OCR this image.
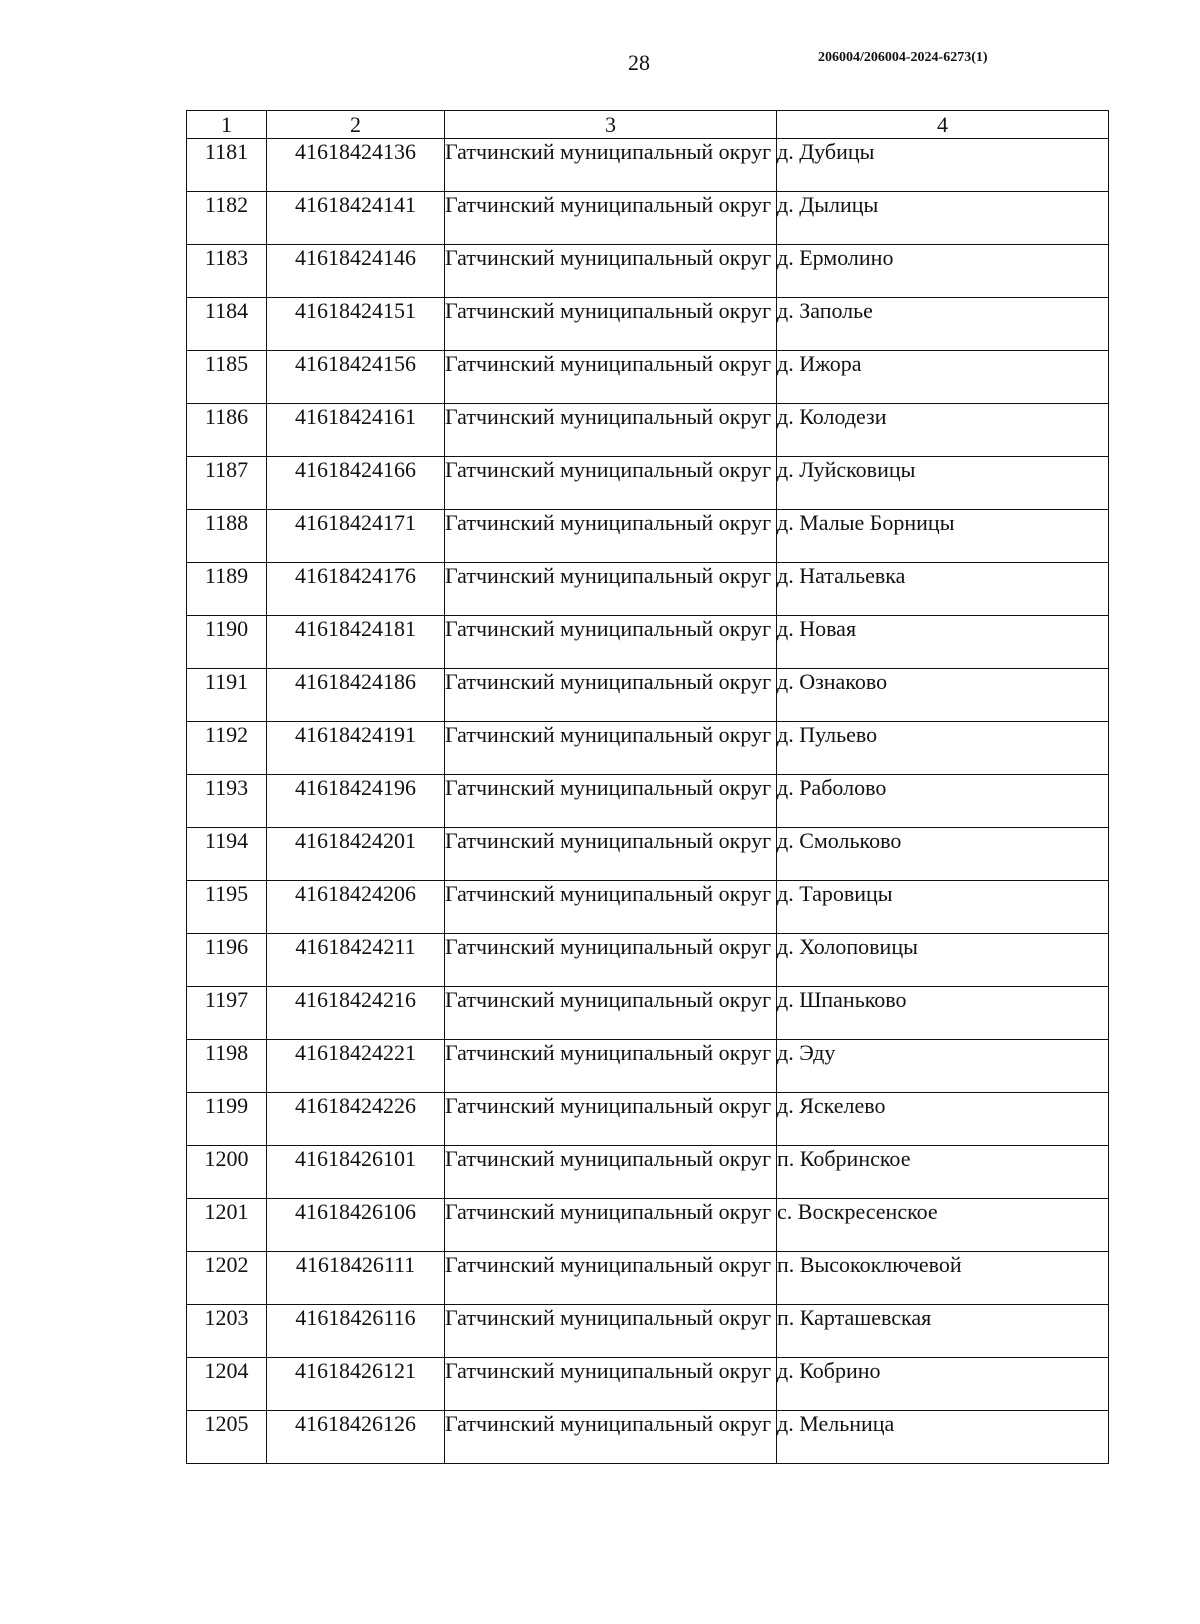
28	206004/206004-2024-6273(1)
1	2	3	4
1181	41618424136	Гатчинский муниципальный округ	д. Дубицы
1182	41618424141	Гатчинский муниципальный округ	д. Дылицы
1183	41618424146	Гатчинский муниципальный округ	д. Ермолино
1184	41618424151	Гатчинский муниципальный округ	д. Заполье
1185	41618424156	Гатчинский муниципальный округ	д. Ижора
1186	41618424161	Гатчинский муниципальный округ	д. Колодези
1187	41618424166	Гатчинский муниципальный округ	д. Луйсковицы
1188	41618424171	Гатчинский муниципальный округ	д. Малые Борницы
1189	41618424176	Гатчинский муниципальный округ	д. Натальевка
1190	41618424181	Гатчинский муниципальный округ	д. Новая
1191	41618424186	Гатчинский муниципальный округ	д. Ознаково
1192	41618424191	Гатчинский муниципальный округ	д. Пульево
1193	41618424196	Гатчинский муниципальный округ	д. Раболово
1194	41618424201	Гатчинский муниципальный округ	д. Смольково
1195	41618424206	Гатчинский муниципальный округ	д. Таровицы
1196	41618424211	Гатчинский муниципальный округ	д. Холоповицы
1197	41618424216	Гатчинский муниципальный округ	д. Шпаньково
1198	41618424221	Гатчинский муниципальный округ	д. Эду
1199	41618424226	Гатчинский муниципальный округ	д. Яскелево
1200	41618426101	Гатчинский муниципальный округ	п. Кобринское
1201	41618426106	Гатчинский муниципальный округ	с. Воскресенское
1202	41618426111	Гатчинский муниципальный округ	п. Высокоключевой
1203	41618426116	Гатчинский муниципальный округ	п. Карташевская
1204	41618426121	Гатчинский муниципальный округ	д. Кобрино
1205	41618426126	Гатчинский муниципальный округ	д. Мельница
